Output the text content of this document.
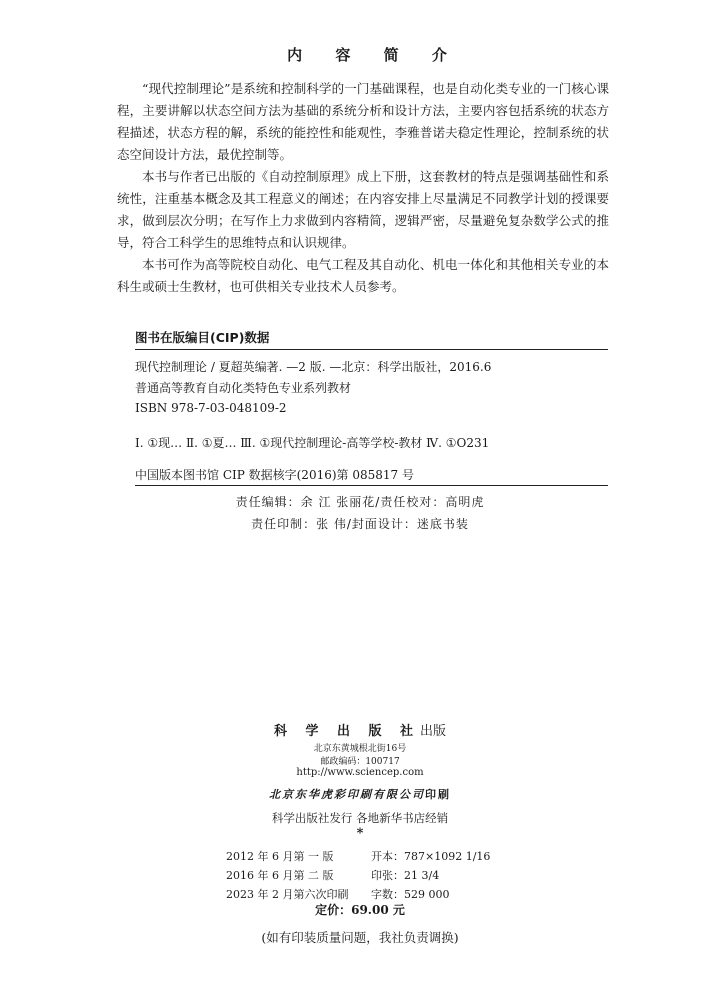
内 容 简 介

“现代控制理论”是系统和控制科学的一门基础课程，也是自动化类专业的一门核心课程，主要讲解以状态空间方法为基础的系统分析和设计方法，主要内容包括系统的状态方程描述，状态方程的解，系统的能控性和能观性，李雅普诺夫稳定性理论，控制系统的状态空间设计方法，最优控制等。

本书与作者已出版的《自动控制原理》成上下册，这套教材的特点是强调基础性和系统性，注重基本概念及其工程意义的阐述；在内容安排上尽量满足不同教学计划的授课要求，做到层次分明；在写作上力求做到内容精简，逻辑严密，尽量避免复杂数学公式的推导，符合工科学生的思维特点和认识规律。

本书可作为高等院校自动化、电气工程及其自动化、机电一体化和其他相关专业的本科生或硕士生教材，也可供相关专业技术人员参考。

图书在版编目(CIP)数据
现代控制理论 / 夏超英编著. —2 版. —北京：科学出版社，2016.6
普通高等教育自动化类特色专业系列教材
ISBN 978-7-03-048109-2
Ⅰ. ①现… Ⅱ. ①夏… Ⅲ. ①现代控制理论-高等学校-教材 Ⅳ. ①O231
中国版本图书馆 CIP 数据核字(2016)第 085817 号
责任编辑：余 江 张丽花/责任校对：高明虎
责任印制：张 伟/封面设计：迷底书装
科 学 出 版 社出版
北京东黄城根北街16号
邮政编码：100717
http://www.sciencep.com
北京东华虎彩印刷有限公司印刷
科学出版社发行 各地新华书店经销
*
2012 年 6 月第 一 版	开本：787×1092 1/16
2016 年 6 月第 二 版	印张：21 3/4
2023 年 2 月第六次印刷 字数：529 000
定价：69.00 元
(如有印装质量问题，我社负责调换)
